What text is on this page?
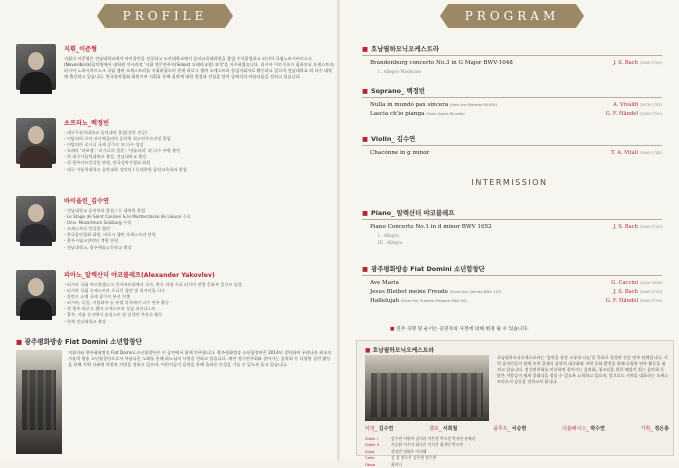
PROFILE
지휘_이준형
지휘자 이준형은 전남대학교에서 바이올린을 전공하고 도산대학교에서 음악교육대학원을 졸업 수석졸업하고 러시아 국립노보시비르스크(Novosibirsk)음악원에서 대학원 석사과정 '지휘 전문연주자(Soloist 오페라교향) 과정'을 이수하였습니다. 러시아 이르쿠츠크 필하모닉 오케스트라, 러시아 노보시비르스크 국립 챔버 오케스트라를 지휘하였으며 현재 바로크 챔버 오케스트라 상임지휘자로 활동하고 있으며 전남대학교 외 다수 대학에 출강하고 있습니다. 한국음악협회 회원이며 지휘를 통해 음악에 대한 열정과 진심을 담아 클래식의 아름다움을 전하고 있습니다.
소프라노_백정빈
- 대구가톨릭대학교 음악대학 졸업(성악 전공)
- 이탈리아 로마 산타체칠리아 음악원 최고연주자과정 졸업
- 이탈리아 로시니 국제 콩쿠르 외 다수 입상
- 오페라 '라보엠', '피가로의 결혼', '마술피리' 외 다수 주역 출연
- 현 대구가톨릭대학교 출강, 전남대학교 출강
- 현 광주아트앙상블 단원, 한국성악가협회 회원
- 대구 가톨릭대학교 음악대학 성악과 / 동대학원 음악교육학과 졸업
바이올린_김수연
- 전남대학교 음악학과 졸업 / 동 대학원 졸업
- Le Stage de Saint Cassien & le Masterclasse de Lieuon 수료
- Univ. Mozarteum Salzburg 수학
- 오케스트라 앙상블 협연
- 한국음악협회 회원, 바로크 챔버 오케스트라 단원
- 광주시립교향악단 객원 단원
- 전남대학교, 광주예술고등학교 출강
피아노_알렉산더 야코블레프(Alexander Yakovlev)
- 러시아 국립 아르한겔스크 콘서바토리에서 석사, 박사 과정 수료 러시아 연방 문화부 콩쿠르 입상
- 러시아 국립 오케스트라 오디션 협연 및 리사이틀 다수
- 폴란드 쇼팽 국제 콩쿠르 본선 진출
- 러시아, 독일, 이탈리아 등 유럽 각국에서 다수 연주 활동
- 현 광주 바로크 챔버 오케스트라 상임 피아니스트
- 광주, 서울 등지에서 솔리스트 및 실내악 주자로 활동
- 현재 전남대학교 출강
■ 광주평화방송 Fiat Domini 소년합창단
지휘자와 광주평화방송 Fiat Domini 소년합창단은 이 공연에서 함께 연주합니다. 광주평화방송 소년합창단은 2014년 창단하여 우리나라 최초의 가톨릭 방송 소년합창단으로서 아름다운 노래를 통해 하느님의 사랑을 전하고 있습니다. 매년 정기연주회와 찾아가는 음악회 등 다양한 공연 활동을 통해 지역 사회에 희망과 사랑을 전하고 있으며, 어린이들이 음악을 통해 올바른 인성을 기를 수 있도록 돕고 있습니다.
PROGRAM
■ 호남필하모닉오케스트라
Brandenburg concerto No.3 in G Major BWV-1048	J. S. Bach (1685-1750)
I . Allegro Moderato
■ Soprano_ 백정빈
Nulla in mundo pax sincera (from the Motecto RV.630)	A. Vivaldi (1678-1741)
Lascia ch'io pianga (From Opera Rinaldo)	G. F. Händel (1685-1759)
■ Violin_ 김수연
Chaconne in g minor	T. A. Vitali (1663-1745)
INTERMISSION
■ Piano_ 알렉산더 야코블레프
Piano Concerto No.1 in d minor BWV 1052	J. S. Bach (1685-1750)
I . Allegro
III . Allegro
■ 광주평화방송 Fiat Domini 소년합창단
Ave Maria	G. Caccini (1550-1618)
Jesus Bleibet meine Freude (From the Cantata BWV 147)	J. S. Bach (1685-1750)
Hallelujah (From the Oratorio Messiah HWV 56)	G. F. Händel (1685-1759)
■ 연주 곡명 및 순서는 공연자의 사정에 의해 변경 될 수 있습니다.
■ 호남필하모닉오케스트라
호남필하모닉오케스트라는 '음악을 통한 소통과 나눔'을 목표로 결성된 전문 연주 단체입니다. 지역 음악인들이 함께 모여 클래식 음악의 대중화와 지역 문화 발전을 위해 다양한 연주 활동을 펼치고 있습니다. 정기연주회를 비롯하여 찾아가는 음악회, 청소년을 위한 해설이 있는 음악회 등 많은 사람들이 쉽게 클래식을 접할 수 있도록 노력하고 있으며, 앞으로도 지역을 대표하는 오케스트라로서 감동을 전하고자 합니다.
악장_ 김수연	첼로_ 서희철	플루트_ 서승현	더블베이스_ 박수연	기획_ 정은종
Violin I	김수연 이현아 김미리 이은정 박소정 박지연 송혜리
Violin II	서승환 이수아 최다은 이지은 최지민 박소연
Viola	정지민 정하은 이지혜
Cello	김 성 양소은 김은영 정수현
Oboe	최미나
